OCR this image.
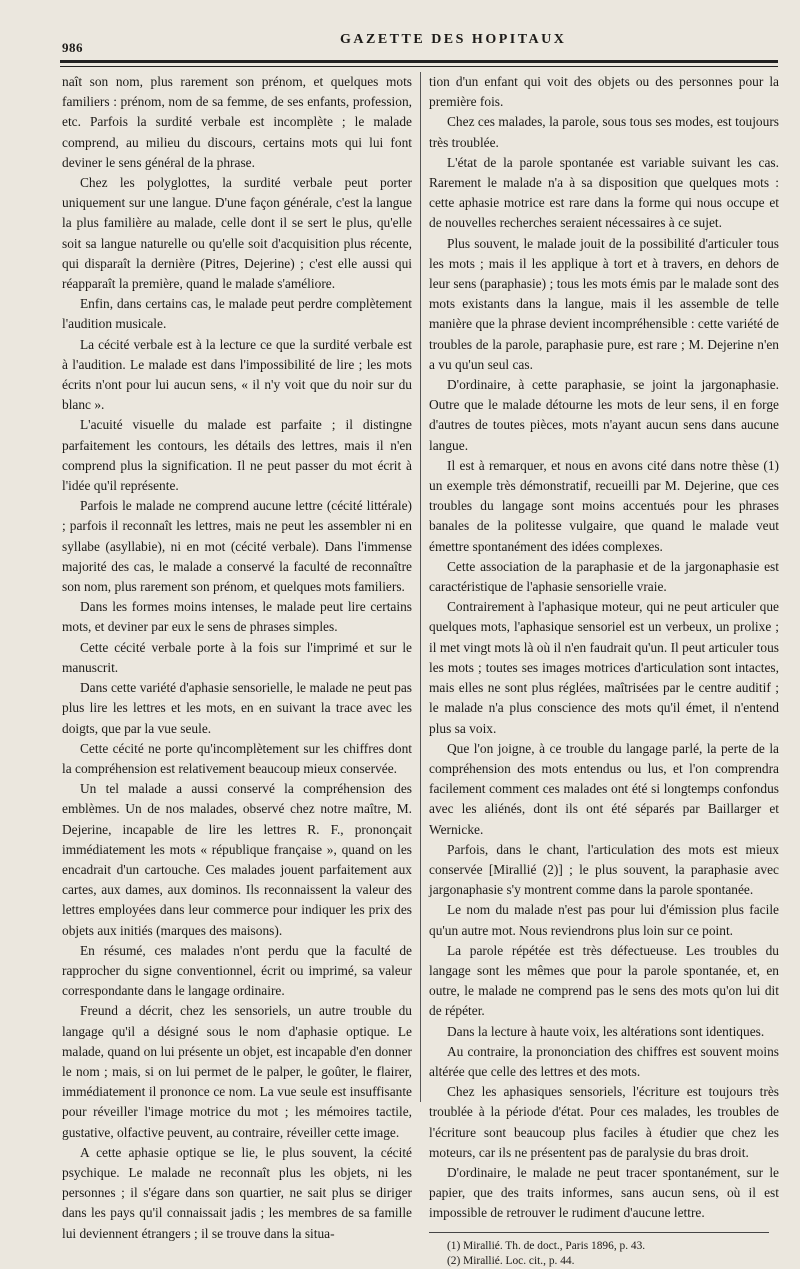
986
GAZETTE DES HOPITAUX

naît son nom, plus rarement son prénom, et quelques mots familiers : prénom, nom de sa femme, de ses enfants, profession, etc. Parfois la surdité verbale est incomplète ; le malade comprend, au milieu du discours, certains mots qui lui font deviner le sens général de la phrase.

Chez les polyglottes, la surdité verbale peut porter uniquement sur une langue. D'une façon générale, c'est la langue la plus familière au malade, celle dont il se sert le plus, qu'elle soit sa langue naturelle ou qu'elle soit d'acquisition plus récente, qui disparaît la dernière (Pitres, Dejerine) ; c'est elle aussi qui réapparaît la première, quand le malade s'améliore.

Enfin, dans certains cas, le malade peut perdre complètement l'audition musicale.

La cécité verbale est à la lecture ce que la surdité verbale est à l'audition. Le malade est dans l'impossibilité de lire ; les mots écrits n'ont pour lui aucun sens, « il n'y voit que du noir sur du blanc ».

L'acuité visuelle du malade est parfaite ; il distingne parfaitement les contours, les détails des lettres, mais il n'en comprend plus la signification. Il ne peut passer du mot écrit à l'idée qu'il représente.

Parfois le malade ne comprend aucune lettre (cécité littérale) ; parfois il reconnaît les lettres, mais ne peut les assembler ni en syllabe (asyllabie), ni en mot (cécité verbale). Dans l'immense majorité des cas, le malade a conservé la faculté de reconnaître son nom, plus rarement son prénom, et quelques mots familiers.

Dans les formes moins intenses, le malade peut lire certains mots, et deviner par eux le sens de phrases simples.

Cette cécité verbale porte à la fois sur l'imprimé et sur le manuscrit.

Dans cette variété d'aphasie sensorielle, le malade ne peut pas plus lire les lettres et les mots, en en suivant la trace avec les doigts, que par la vue seule.

Cette cécité ne porte qu'incomplètement sur les chiffres dont la compréhension est relativement beaucoup mieux conservée.

Un tel malade a aussi conservé la compréhension des emblèmes. Un de nos malades, observé chez notre maître, M. Dejerine, incapable de lire les lettres R. F., prononçait immédiatement les mots « république française », quand on les encadrait d'un cartouche. Ces malades jouent parfaitement aux cartes, aux dames, aux dominos. Ils reconnaissent la valeur des lettres employées dans leur commerce pour indiquer les prix des objets aux initiés (marques des maisons).

En résumé, ces malades n'ont perdu que la faculté de rapprocher du signe conventionnel, écrit ou imprimé, sa valeur correspondante dans le langage ordinaire.

Freund a décrit, chez les sensoriels, un autre trouble du langage qu'il a désigné sous le nom d'aphasie optique. Le malade, quand on lui présente un objet, est incapable d'en donner le nom ; mais, si on lui permet de le palper, le goûter, le flairer, immédiatement il prononce ce nom. La vue seule est insuffisante pour réveiller l'image motrice du mot ; les mémoires tactile, gustative, olfactive peuvent, au contraire, réveiller cette image.

A cette aphasie optique se lie, le plus souvent, la cécité psychique. Le malade ne reconnaît plus les objets, ni les personnes ; il s'égare dans son quartier, ne sait plus se diriger dans les pays qu'il connaissait jadis ; les membres de sa famille lui deviennent étrangers ; il se trouve dans la situa-

tion d'un enfant qui voit des objets ou des personnes pour la première fois.

Chez ces malades, la parole, sous tous ses modes, est toujours très troublée.

L'état de la parole spontanée est variable suivant les cas. Rarement le malade n'a à sa disposition que quelques mots : cette aphasie motrice est rare dans la forme qui nous occupe et de nouvelles recherches seraient nécessaires à ce sujet.

Plus souvent, le malade jouit de la possibilité d'articuler tous les mots ; mais il les applique à tort et à travers, en dehors de leur sens (paraphasie) ; tous les mots émis par le malade sont des mots existants dans la langue, mais il les assemble de telle manière que la phrase devient incompréhensible : cette variété de troubles de la parole, paraphasie pure, est rare ; M. Dejerine n'en a vu qu'un seul cas.

D'ordinaire, à cette paraphasie, se joint la jargonaphasie. Outre que le malade détourne les mots de leur sens, il en forge d'autres de toutes pièces, mots n'ayant aucun sens dans aucune langue.

Il est à remarquer, et nous en avons cité dans notre thèse (1) un exemple très démonstratif, recueilli par M. Dejerine, que ces troubles du langage sont moins accentués pour les phrases banales de la politesse vulgaire, que quand le malade veut émettre spontanément des idées complexes.

Cette association de la paraphasie et de la jargonaphasie est caractéristique de l'aphasie sensorielle vraie.

Contrairement à l'aphasique moteur, qui ne peut articuler que quelques mots, l'aphasique sensoriel est un verbeux, un prolixe ; il met vingt mots là où il n'en faudrait qu'un. Il peut articuler tous les mots ; toutes ses images motrices d'articulation sont intactes, mais elles ne sont plus réglées, maîtrisées par le centre auditif ; le malade n'a plus conscience des mots qu'il émet, il n'entend plus sa voix.

Que l'on joigne, à ce trouble du langage parlé, la perte de la compréhension des mots entendus ou lus, et l'on comprendra facilement comment ces malades ont été si longtemps confondus avec les aliénés, dont ils ont été séparés par Baillarger et Wernicke.

Parfois, dans le chant, l'articulation des mots est mieux conservée [Mirallié (2)] ; le plus souvent, la paraphasie avec jargonaphasie s'y montrent comme dans la parole spontanée.

Le nom du malade n'est pas pour lui d'émission plus facile qu'un autre mot. Nous reviendrons plus loin sur ce point.

La parole répétée est très défectueuse. Les troubles du langage sont les mêmes que pour la parole spontanée, et, en outre, le malade ne comprend pas le sens des mots qu'on lui dit de répéter.

Dans la lecture à haute voix, les altérations sont identiques.

Au contraire, la prononciation des chiffres est souvent moins altérée que celle des lettres et des mots.

Chez les aphasiques sensoriels, l'écriture est toujours très troublée à la période d'état. Pour ces malades, les troubles de l'écriture sont beaucoup plus faciles à étudier que chez les moteurs, car ils ne présentent pas de paralysie du bras droit.

D'ordinaire, le malade ne peut tracer spontanément, sur le papier, que des traits informes, sans aucun sens, où il est impossible de retrouver le rudiment d'aucune lettre.

(1) Mirallié. Th. de doct., Paris 1896, p. 43.
(2) Mirallié. Loc. cit., p. 44.
